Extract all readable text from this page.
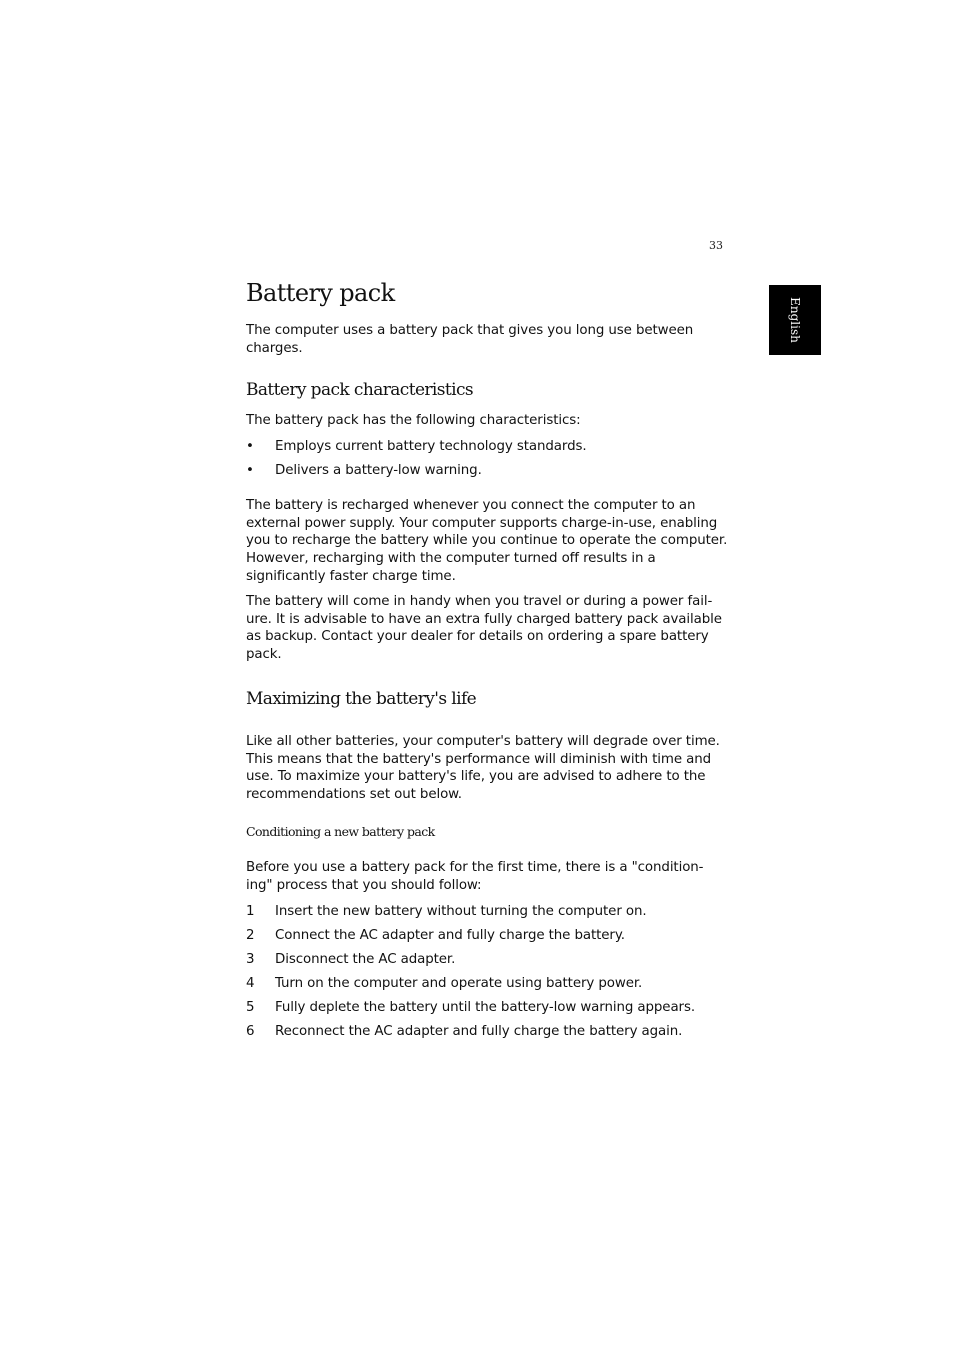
33
English
Battery pack

The computer uses a battery pack that gives you long use between charges.

Battery pack characteristics

The battery pack has the following characteristics:

• Employs current battery technology standards.
• Delivers a battery-low warning.

The battery is recharged whenever you connect the computer to an external power supply. Your computer supports charge-in-use, enabling you to recharge the battery while you continue to operate the computer. However, recharging with the computer turned off results in a significantly faster charge time.

The battery will come in handy when you travel or during a power fail-ure. It is advisable to have an extra fully charged battery pack available as backup. Contact your dealer for details on ordering a spare battery pack.

Maximizing the battery's life

Like all other batteries, your computer's battery will degrade over time. This means that the battery's performance will diminish with time and use. To maximize your battery's life, you are advised to adhere to the recommendations set out below.

Conditioning a new battery pack

Before you use a battery pack for the first time, there is a "condition-ing" process that you should follow:

1 Insert the new battery without turning the computer on.
2 Connect the AC adapter and fully charge the battery.
3 Disconnect the AC adapter.
4 Turn on the computer and operate using battery power.
5 Fully deplete the battery until the battery-low warning appears.
6 Reconnect the AC adapter and fully charge the battery again.
